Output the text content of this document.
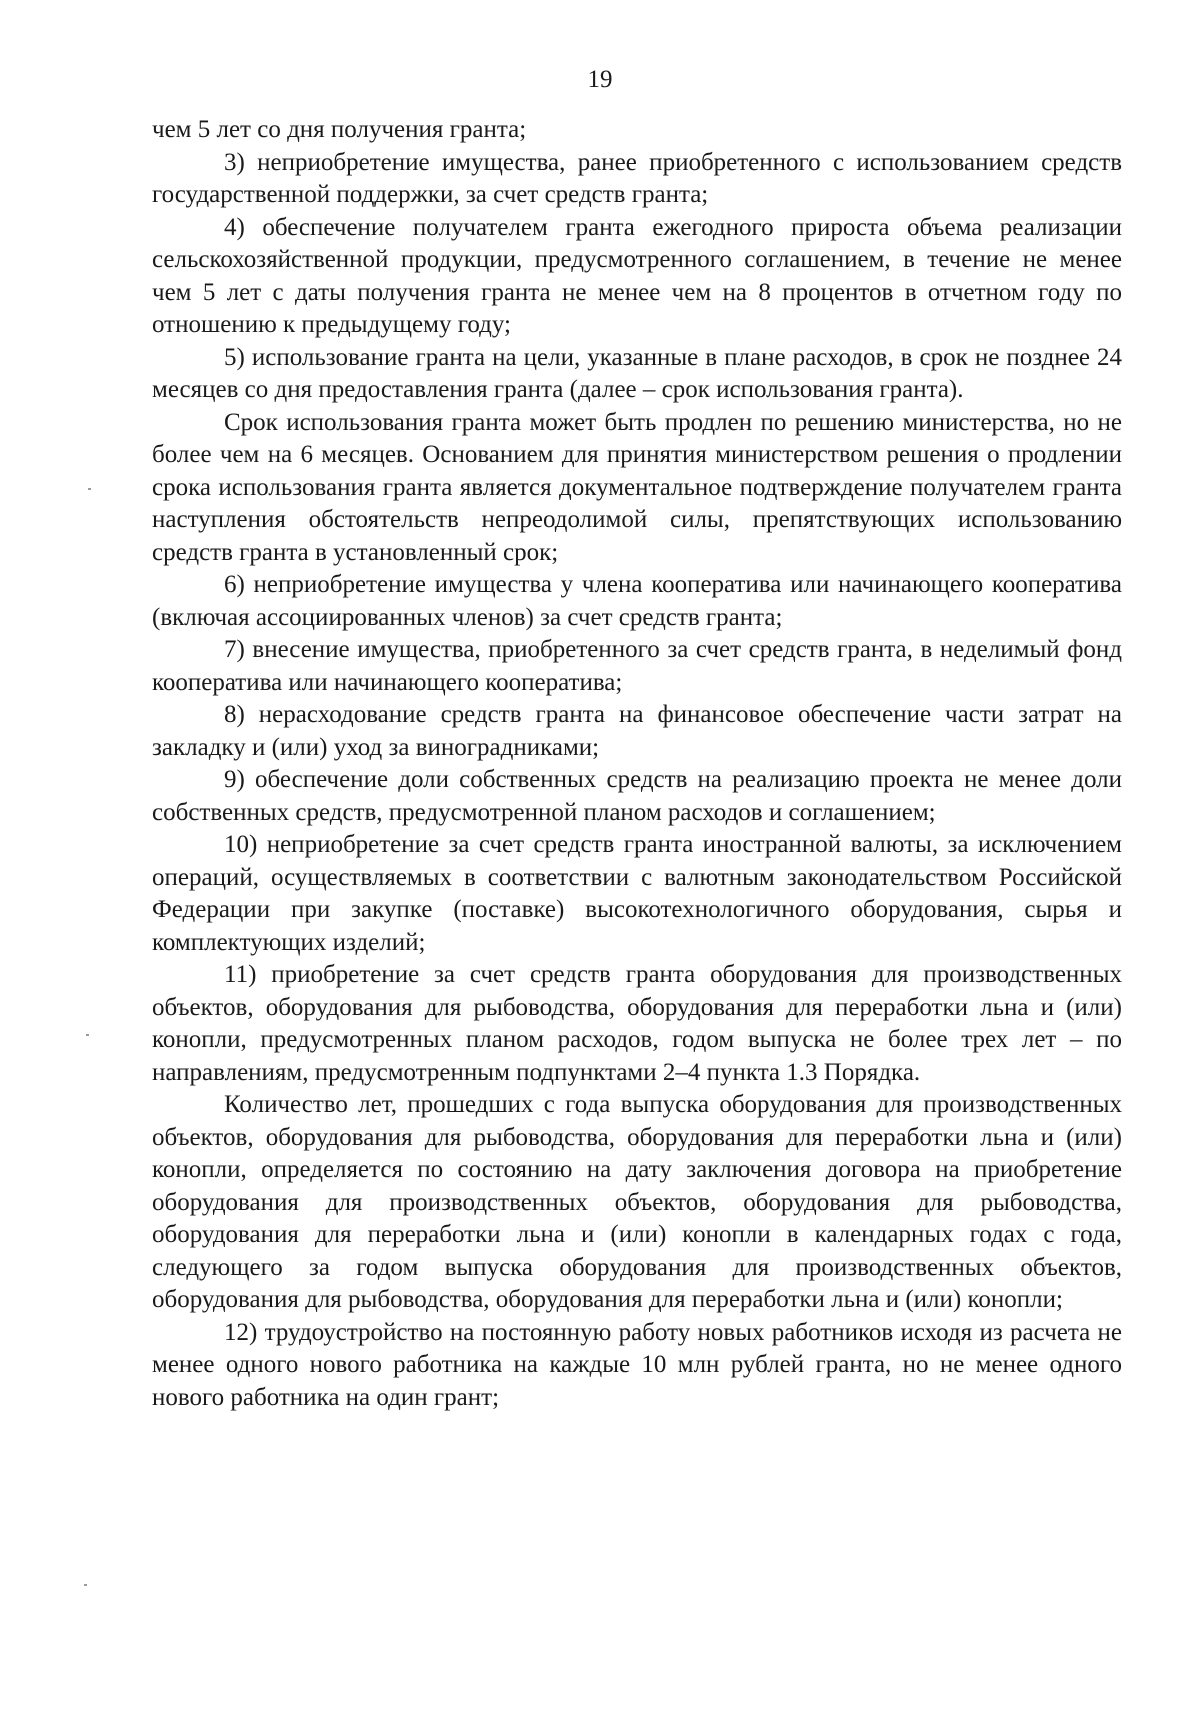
19

чем 5 лет со дня получения гранта;

3) неприобретение имущества, ранее приобретенного с использованием средств государственной поддержки, за счет средств гранта;

4) обеспечение получателем гранта ежегодного прироста объема реализации сельскохозяйственной продукции, предусмотренного соглашением, в течение не менее чем 5 лет с даты получения гранта не менее чем на 8 процентов в отчетном году по отношению к предыдущему году;

5) использование гранта на цели, указанные в плане расходов, в срок не позднее 24 месяцев со дня предоставления гранта (далее – срок использования гранта).

Срок использования гранта может быть продлен по решению министерства, но не более чем на 6 месяцев. Основанием для принятия министерством решения о продлении срока использования гранта является документальное подтверждение получателем гранта наступления обстоятельств непреодолимой силы, препятствующих использованию средств гранта в установленный срок;

6) неприобретение имущества у члена кооператива или начинающего кооператива (включая ассоциированных членов) за счет средств гранта;

7) внесение имущества, приобретенного за счет средств гранта, в неделимый фонд кооператива или начинающего кооператива;

8) нерасходование средств гранта на финансовое обеспечение части затрат на закладку и (или) уход за виноградниками;

9) обеспечение доли собственных средств на реализацию проекта не менее доли собственных средств, предусмотренной планом расходов и соглашением;

10) неприобретение за счет средств гранта иностранной валюты, за исключением операций, осуществляемых в соответствии с валютным законодательством Российской Федерации при закупке (поставке) высокотехнологичного оборудования, сырья и комплектующих изделий;

11) приобретение за счет средств гранта оборудования для производственных объектов, оборудования для рыбоводства, оборудования для переработки льна и (или) конопли, предусмотренных планом расходов, годом выпуска не более трех лет – по направлениям, предусмотренным подпунктами 2–4 пункта 1.3 Порядка.

Количество лет, прошедших с года выпуска оборудования для производственных объектов, оборудования для рыбоводства, оборудования для переработки льна и (или) конопли, определяется по состоянию на дату заключения договора на приобретение оборудования для производственных объектов, оборудования для рыбоводства, оборудования для переработки льна и (или) конопли в календарных годах с года, следующего за годом выпуска оборудования для производственных объектов, оборудования для рыбоводства, оборудования для переработки льна и (или) конопли;

12) трудоустройство на постоянную работу новых работников исходя из расчета не менее одного нового работника на каждые 10 млн рублей гранта, но не менее одного нового работника на один грант;
